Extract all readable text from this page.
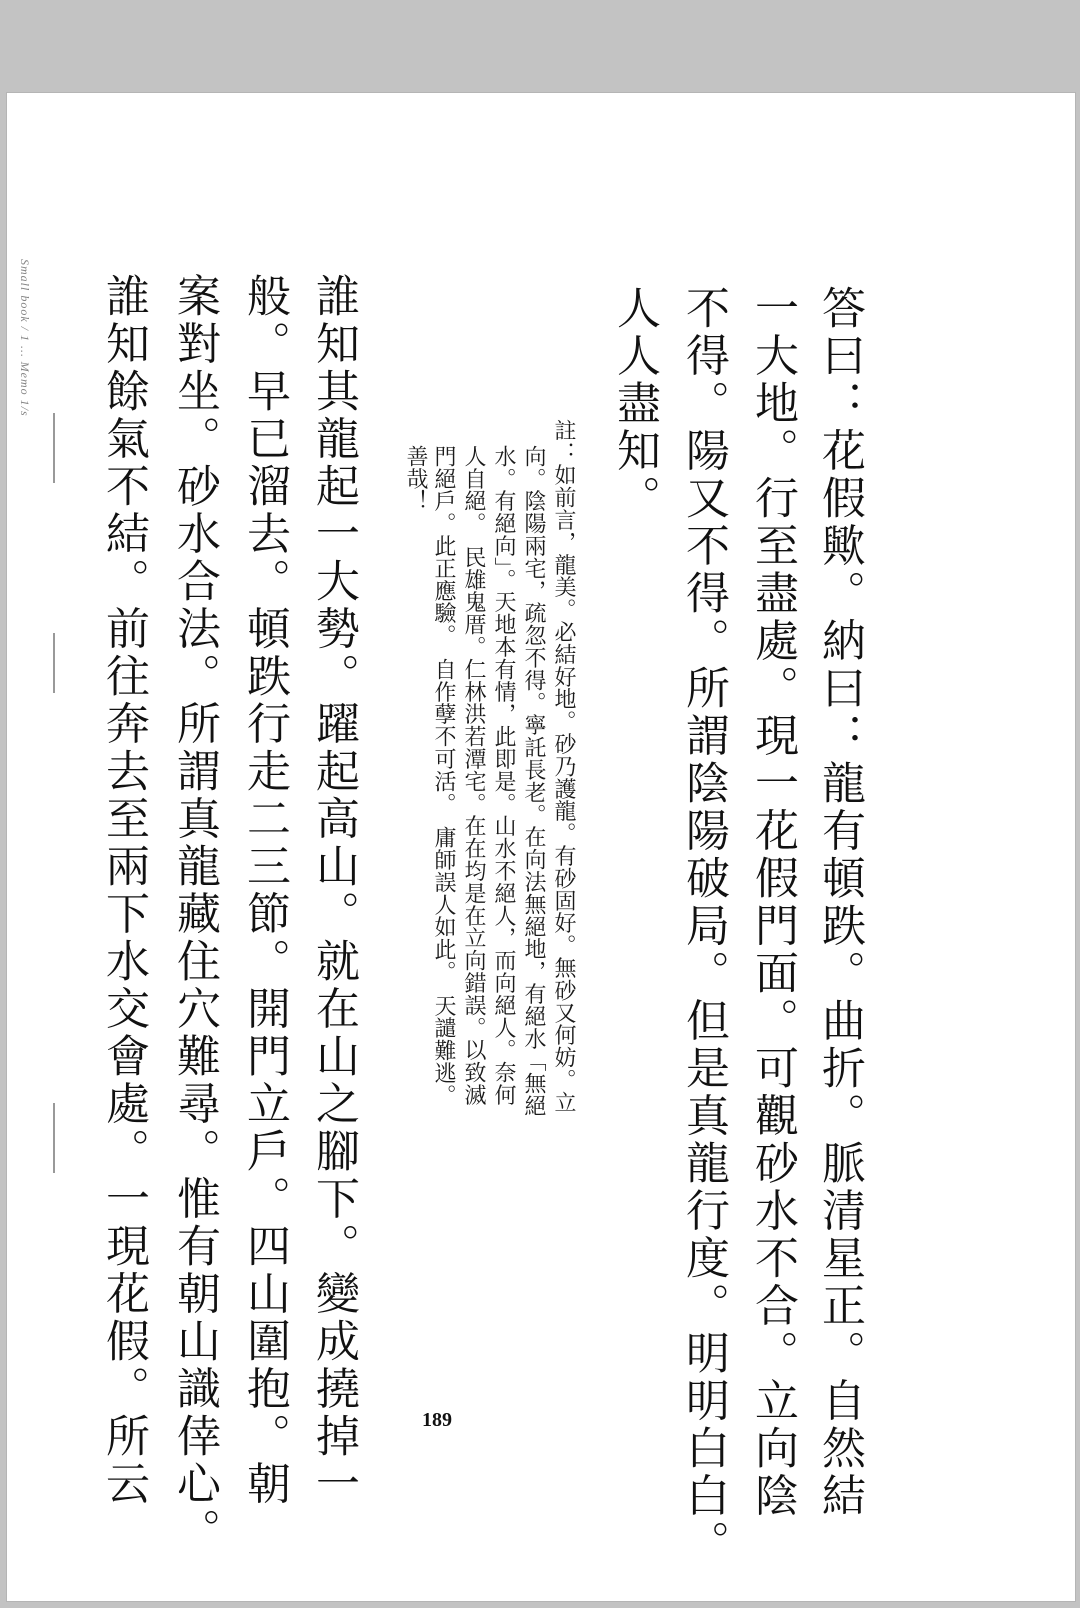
Small book / 1 … Memo 1/s	答曰：花假歟。納曰：龍有頓跌。曲折。脈清星正。自然結
一大地。行至盡處。現一花假門面。可觀砂水不合。立向陰
不得。陽又不得。所謂陰陽破局。但是真龍行度。明明白白。
人人盡知。
註：如前言，龍美。必結好地。砂乃護龍。有砂固好。無砂又何妨。立
向。陰陽兩宅，疏忽不得。寧託長老。在向法無絕地，有絕水「無絕
水。有絕向」。天地本有情，此即是。山水不絕人，而向絕人。奈何
人自絕。　民雄鬼厝。仁林洪若潭宅。在在均是在立向錯誤。以致滅
門絕戶。此正應驗。　自作孽不可活。　庸師誤人如此。　天譴難逃。
善哉！
誰知其龍起一大勢。躍起高山。就在山之腳下。變成撓掉一
般。早已溜去。頓跌行走二三節。開門立戶。四山圍抱。朝
案對坐。砂水合法。所謂真龍藏住穴難尋。惟有朝山識倖心。
誰知餘氣不結。前往奔去至兩下水交會處。一現花假。所云	189
